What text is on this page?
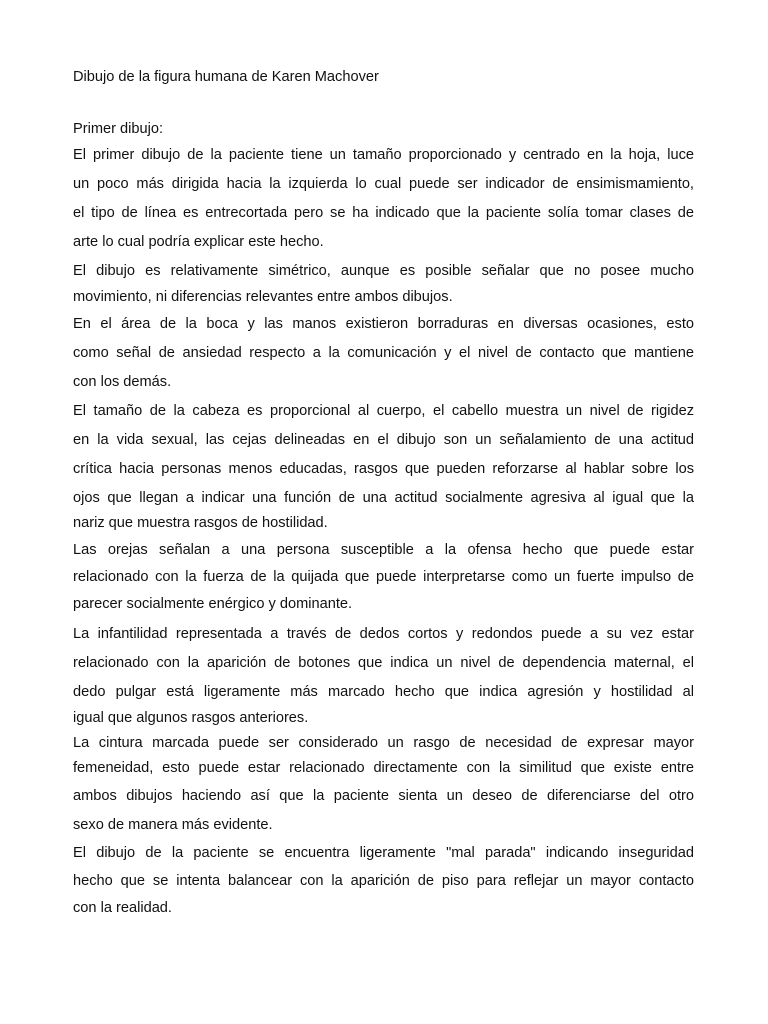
Dibujo de la figura humana de Karen Machover
Primer dibujo:
El primer dibujo de la paciente tiene un tamaño proporcionado y centrado en la hoja, luce
un poco más dirigida hacia la izquierda lo cual puede ser indicador de ensimismamiento,
el tipo de línea es entrecortada pero se ha indicado que la paciente solía tomar clases de
arte lo cual podría explicar este hecho.
El dibujo es relativamente simétrico, aunque es posible señalar que no posee mucho
movimiento, ni diferencias relevantes entre ambos dibujos.
En el área de la boca y las manos existieron borraduras en diversas ocasiones, esto
como señal de ansiedad respecto a la comunicación y el nivel de contacto que mantiene
con los demás.
El tamaño de la cabeza es proporcional al cuerpo, el cabello muestra un nivel de rigidez
en la vida sexual, las cejas delineadas en el dibujo son un señalamiento de una actitud
crítica hacia personas menos educadas, rasgos que pueden reforzarse al hablar sobre los
ojos que llegan a indicar una función de una actitud socialmente agresiva al igual que la
nariz que muestra rasgos de hostilidad.
Las orejas señalan a una persona susceptible a la ofensa hecho que puede estar
relacionado con la fuerza de la quijada que puede interpretarse como un fuerte impulso de
parecer socialmente enérgico y dominante.
La infantilidad representada a través de dedos cortos y redondos puede a su vez estar
relacionado con la aparición de botones que indica un nivel de dependencia maternal, el
dedo pulgar está ligeramente más marcado hecho que indica agresión y hostilidad al
igual que algunos rasgos anteriores.
La cintura marcada puede ser considerado un rasgo de necesidad de expresar mayor
femeneidad, esto puede estar relacionado directamente con la similitud que existe entre
ambos dibujos haciendo así que la paciente sienta un deseo de diferenciarse del otro
sexo de manera más evidente.
El dibujo de la paciente se encuentra ligeramente "mal parada" indicando inseguridad
hecho que se intenta balancear con la aparición de piso para reflejar un mayor contacto
con la realidad.
